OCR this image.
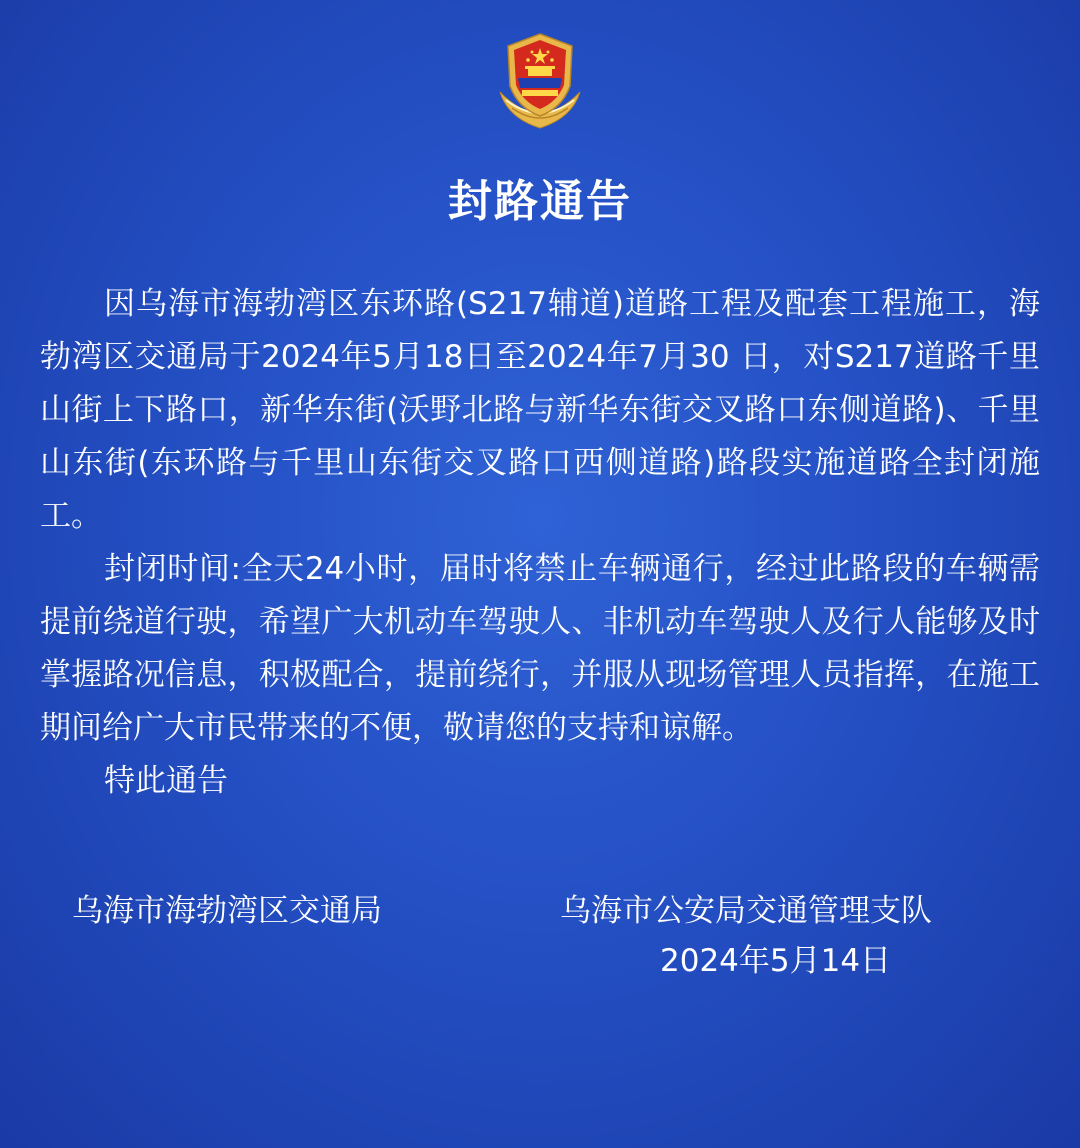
封路通告

因乌海市海勃湾区东环路(S217辅道)道路工程及配套工程施工，海勃湾区交通局于2024年5月18日至2024年7月30 日，对S217道路千里山街上下路口，新华东街(沃野北路与新华东街交叉路口东侧道路)、千里山东街(东环路与千里山东街交叉路口西侧道路)路段实施道路全封闭施工。

封闭时间:全天24小时，届时将禁止车辆通行，经过此路段的车辆需提前绕道行驶，希望广大机动车驾驶人、非机动车驾驶人及行人能够及时掌握路况信息，积极配合，提前绕行，并服从现场管理人员指挥，在施工期间给广大市民带来的不便，敬请您的支持和谅解。

特此通告

乌海市海勃湾区交通局	乌海市公安局交通管理支队
2024年5月14日
